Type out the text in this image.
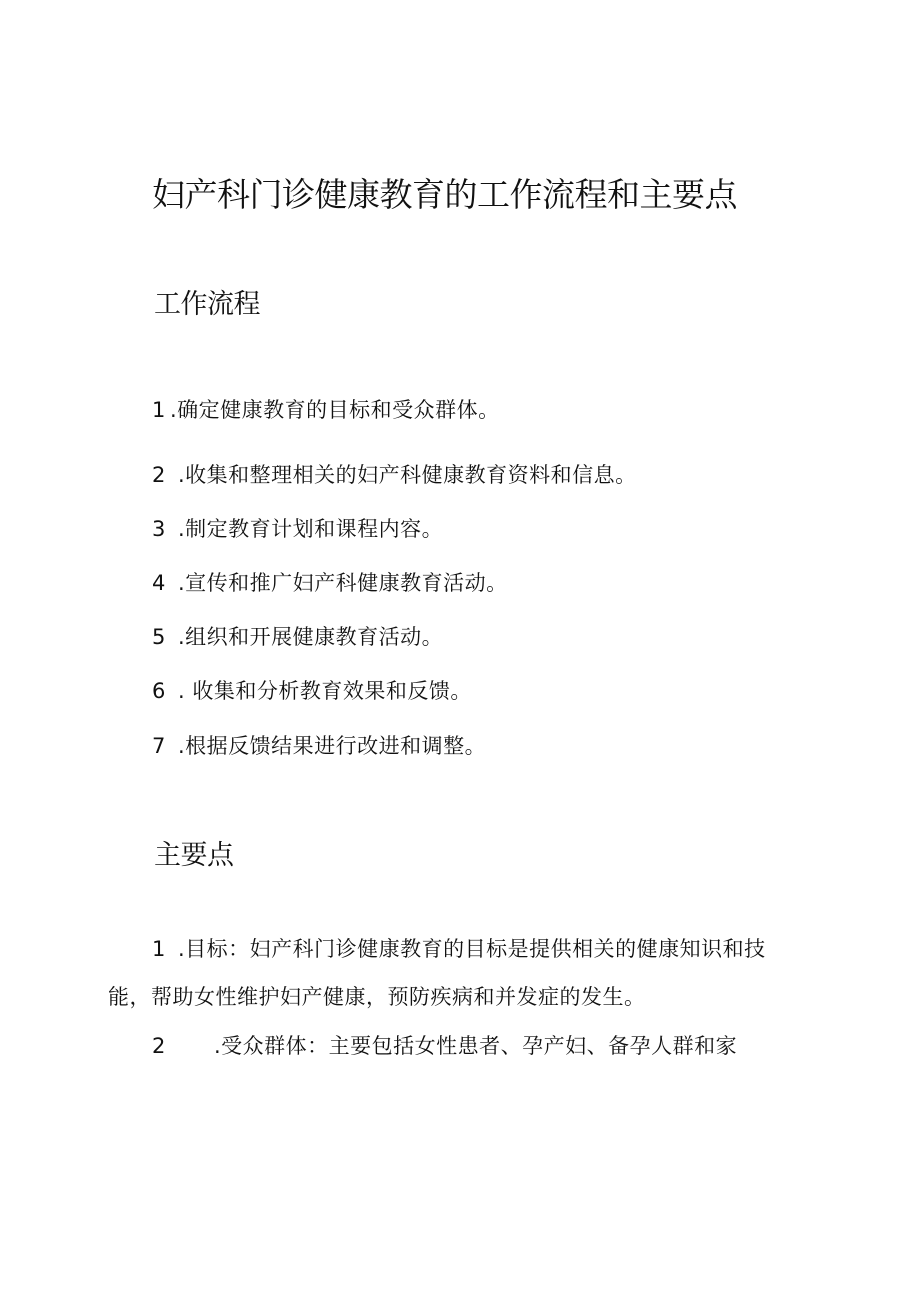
妇产科门诊健康教育的工作流程和主要点
工作流程
1 .确定健康教育的目标和受众群体。
2 .收集和整理相关的妇产科健康教育资料和信息。
3 .制定教育计划和课程内容。
4 .宣传和推广妇产科健康教育活动。
5 .组织和开展健康教育活动。
6 . 收集和分析教育效果和反馈。
7 .根据反馈结果进行改进和调整。
主要点
1 .目标：妇产科门诊健康教育的目标是提供相关的健康知识和技
能，帮助女性维护妇产健康，预防疾病和并发症的发生。
2 .受众群体：主要包括女性患者、孕产妇、备孕人群和家
